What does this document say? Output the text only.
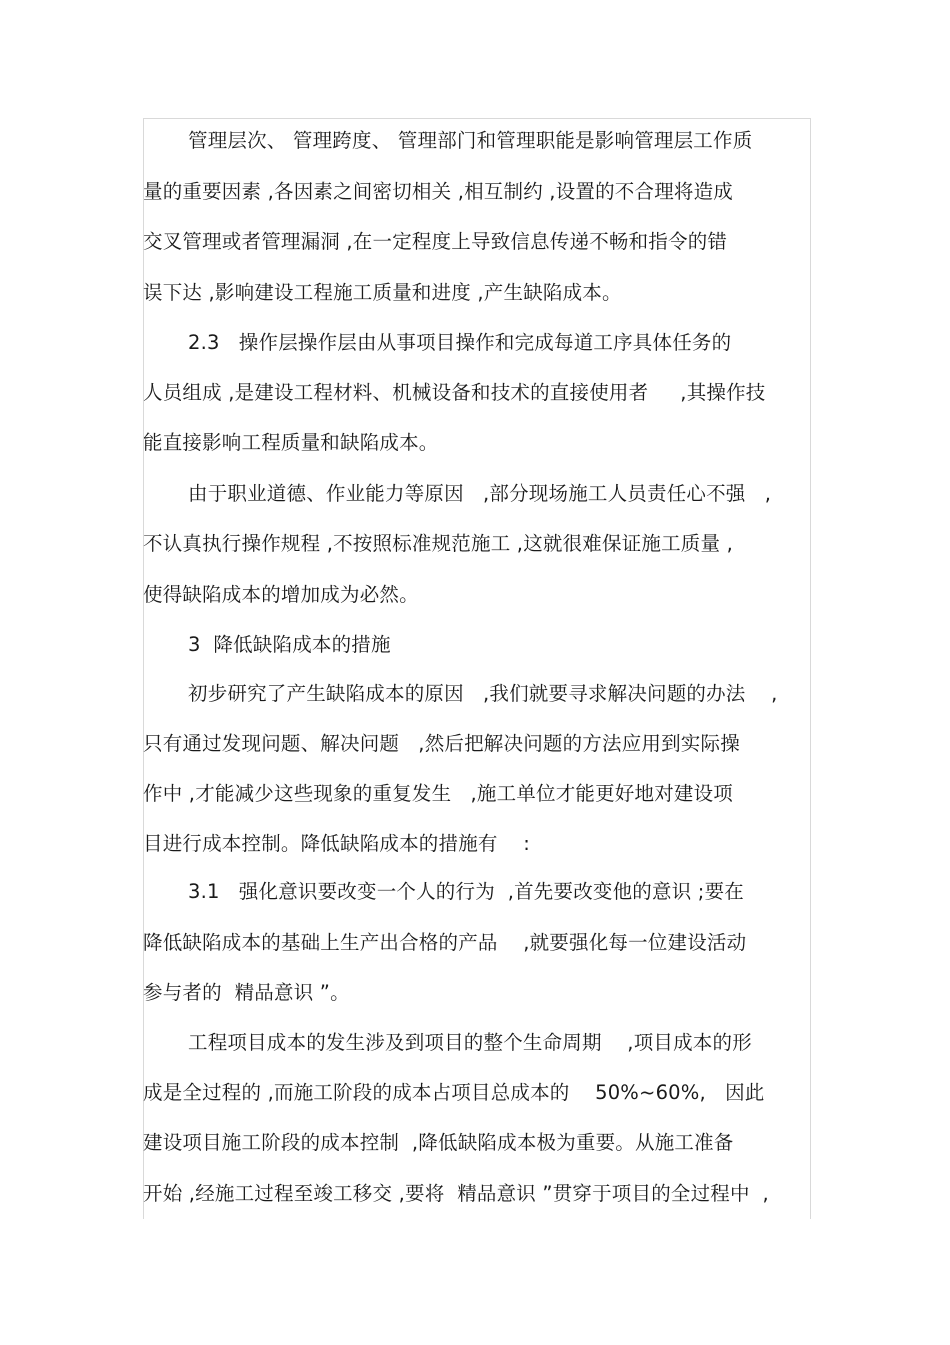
管理层次、 管理跨度、 管理部门和管理职能是影响管理层工作质
量的重要因素 ,各因素之间密切相关 ,相互制约 ,设置的不合理将造成
交叉管理或者管理漏洞 ,在一定程度上导致信息传递不畅和指令的错
误下达 ,影响建设工程施工质量和进度 ,产生缺陷成本。
2.3   操作层操作层由从事项目操作和完成每道工序具体任务的
人员组成 ,是建设工程材料、机械设备和技术的直接使用者     ,其操作技
能直接影响工程质量和缺陷成本。
由于职业道德、作业能力等原因   ,部分现场施工人员责任心不强   ,
不认真执行操作规程 ,不按照标准规范施工 ,这就很难保证施工质量 ,
使得缺陷成本的增加成为必然。
3  降低缺陷成本的措施
初步研究了产生缺陷成本的原因   ,我们就要寻求解决问题的办法    ,
只有通过发现问题、解决问题   ,然后把解决问题的方法应用到实际操
作中 ,才能减少这些现象的重复发生   ,施工单位才能更好地对建设项
目进行成本控制。降低缺陷成本的措施有    :
3.1   强化意识要改变一个人的行为  ,首先要改变他的意识 ;要在
降低缺陷成本的基础上生产出合格的产品    ,就要强化每一位建设活动
参与者的  精品意识 ”。
工程项目成本的发生涉及到项目的整个生命周期    ,项目成本的形
成是全过程的 ,而施工阶段的成本占项目总成本的    50%~60%,   因此
建设项目施工阶段的成本控制  ,降低缺陷成本极为重要。从施工准备
开始 ,经施工过程至竣工移交 ,要将  精品意识 ”贯穿于项目的全过程中  ,
